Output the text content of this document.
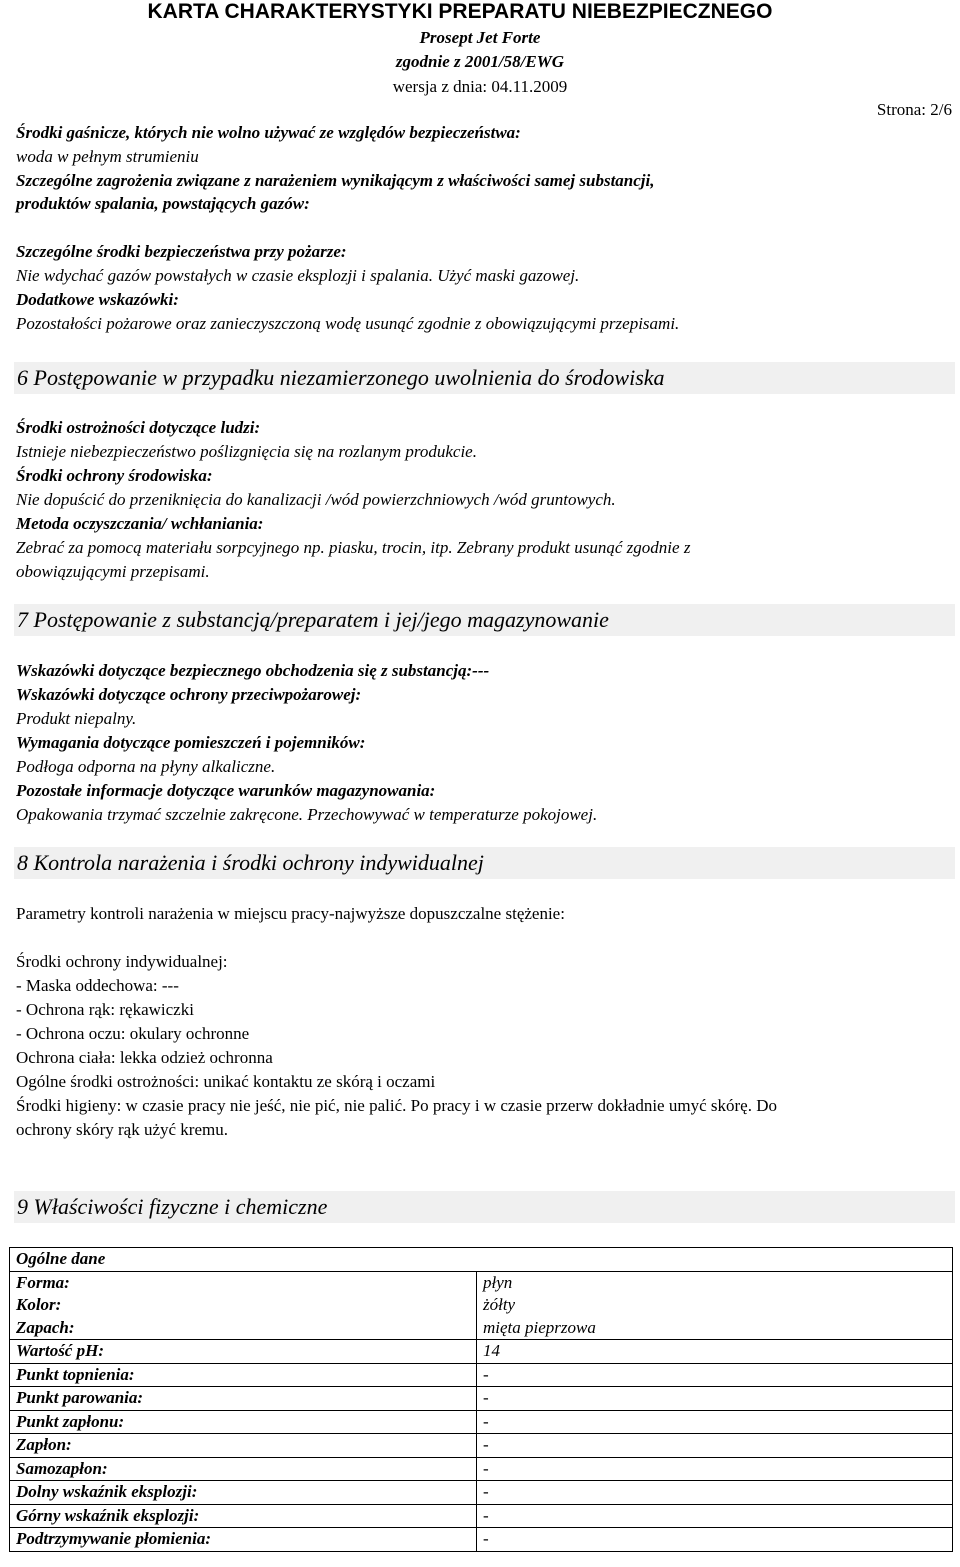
KARTA CHARAKTERYSTYKI PREPARATU NIEBEZPIECZNEGO
Prosept Jet Forte
zgodnie z 2001/58/EWG
wersja z dnia: 04.11.2009
Strona: 2/6
Środki gaśnicze, których nie wolno używać ze względów bezpieczeństwa:
woda w pełnym strumieniu
Szczególne zagrożenia związane z narażeniem wynikającym z właściwości samej substancji,
produktów spalania, powstających gazów:
Szczególne środki bezpieczeństwa przy pożarze:
Nie wdychać gazów powstałych w czasie eksplozji i spalania. Użyć maski gazowej.
Dodatkowe wskazówki:
Pozostałości pożarowe oraz zanieczyszczoną wodę usunąć zgodnie z obowiązującymi przepisami.
6 Postępowanie w przypadku niezamierzonego uwolnienia do środowiska
Środki ostrożności dotyczące ludzi:
Istnieje niebezpieczeństwo poślizgnięcia się na rozlanym produkcie.
Środki ochrony środowiska:
Nie dopuścić do przeniknięcia do kanalizacji /wód powierzchniowych /wód gruntowych.
Metoda oczyszczania/ wchłaniania:
Zebrać za pomocą materiału sorpcyjnego np. piasku, trocin, itp. Zebrany produkt usunąć zgodnie z
obowiązującymi przepisami.
7 Postępowanie z substancją/preparatem i jej/jego magazynowanie
Wskazówki dotyczące bezpiecznego obchodzenia się z substancją:---
Wskazówki dotyczące ochrony przeciwpożarowej:
Produkt niepalny.
Wymagania dotyczące pomieszczeń i pojemników:
Podłoga odporna na płyny alkaliczne.
Pozostałe informacje dotyczące warunków magazynowania:
Opakowania trzymać szczelnie zakręcone. Przechowywać w temperaturze pokojowej.
8 Kontrola narażenia i środki ochrony indywidualnej
Parametry kontroli narażenia w miejscu pracy-najwyższe dopuszczalne stężenie:
Środki ochrony indywidualnej:
- Maska oddechowa: ---
- Ochrona rąk: rękawiczki
- Ochrona oczu: okulary ochronne
Ochrona ciała: lekka odzież ochronna
Ogólne środki ostrożności: unikać kontaktu ze skórą i oczami
Środki higieny: w czasie pracy nie jeść, nie pić, nie palić. Po pracy i w czasie przerw dokładnie umyć skórę. Do
ochrony skóry rąk użyć kremu.
9 Właściwości fizyczne i chemiczne
Ogólne dane	
Forma:	płyn
Kolor:	żółty
Zapach:	mięta pieprzowa
Wartość pH:	14
Punkt topnienia:	-
Punkt parowania:	-
Punkt zapłonu:	-
Zapłon:	-
Samozapłon:	-
Dolny wskaźnik eksplozji:	-
Górny wskaźnik eksplozji:	-
Podtrzymywanie płomienia:	-
